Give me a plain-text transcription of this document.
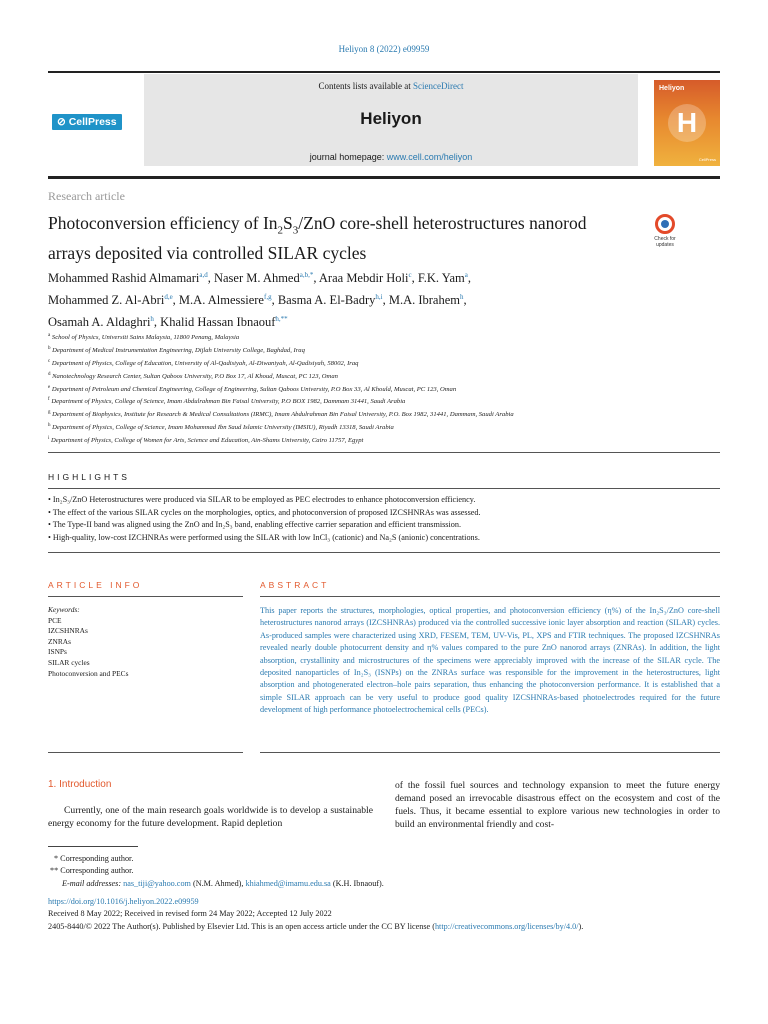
Heliyon 8 (2022) e09959
⊘ CellPress
Contents lists available at ScienceDirect
Heliyon
journal homepage: www.cell.com/heliyon
Heliyon
H
CellPress
Research article
Photoconversion efficiency of $In_2S_3$/ZnO core-shell heterostructures nanorod arrays deposited via controlled SILAR cycles
Check for updates
Mohammed Rashid Almamari$^{a,d}$, Naser M. Ahmed$^{a,b,*}$, Araa Mebdir Holi$^c$, F.K. Yam$^a$,
Mohammed Z. Al-Abri$^{d,e}$, M.A. Almessiere$^{f,g}$, Basma A. El-Badry$^{h,i}$, M.A. Ibrahem$^h$,
Osamah A. Aldaghri$^h$, Khalid Hassan Ibnaouf$^{h,**}$
$^a$ School of Physics, Universiti Sains Malaysia, 11800 Penang, Malaysia
$^b$ Department of Medical Instrumentation Engineering, Dijlah University College, Baghdad, Iraq
$^c$ Department of Physics, College of Education, University of Al-Qadisiyah, Al-Diwaniyah, Al-Qadisiyah, 58002, Iraq
$^d$ Nanotechnology Research Center, Sultan Qaboos University, P.O Box 17, Al Khoud, Muscat, PC 123, Oman
$^e$ Department of Petroleum and Chemical Engineering, College of Engineering, Sultan Qaboos University, P.O Box 33, Al Khould, Muscat, PC 123, Oman
$^f$ Department of Physics, College of Science, Imam Abdulrahman Bin Faisal University, P.O BOX 1982, Dammam 31441, Saudi Arabia
$^g$ Department of Biophysics, Institute for Research & Medical Consultations (IRMC), Imam Abdulrahman Bin Faisal University, P.O. Box 1982, 31441, Dammam, Saudi Arabia
$^h$ Department of Physics, College of Science, Imam Mohammad Ibn Saud Islamic University (IMSIU), Riyadh 13318, Saudi Arabia
$^i$ Department of Physics, College of Women for Arts, Science and Education, Ain-Shams University, Cairo 11757, Egypt
HIGHLIGHTS
• In₂S₃/ZnO Heterostructures were produced via SILAR to be employed as PEC electrodes to enhance photoconversion efficiency.
• The effect of the various SILAR cycles on the morphologies, optics, and photoconversion of proposed IZCSHNRAs was assessed.
• The Type-II band was aligned using the ZnO and In₂S₃ band, enabling effective carrier separation and efficient transmission.
• High-quality, low-cost IZCHNRAs were performed using the SILAR with low InCl₃ (cationic) and Na₂S (anionic) concentrations.
ARTICLE INFO	ABSTRACT
Keywords:
PCE
IZCSHNRAs
ZNRAs
ISNPs
SILAR cycles
Photoconversion and PECs
This paper reports the structures, morphologies, optical properties, and photoconversion efficiency (η%) of the In₂S₃/ZnO core-shell heterostructures nanorod arrays (IZCSHNRAs) produced via the controlled successive ionic layer absorption and reaction (SILAR) cycles. As-produced samples were characterized using XRD, FESEM, TEM, UV-Vis, PL, XPS and FTIR techniques. The proposed IZCSHNRAs revealed nearly double photocurrent density and η% values compared to the pure ZnO nanorod arrays (ZNRAs). In addition, the light absorption, crystallinity and microstructures of the specimens were appreciably improved with the increase of the SILAR cycle. The deposited nanoparticles of In₂S₃ (ISNPs) on the ZNRAs surface was responsible for the improvement in the heterostructures, light absorption and photogenerated electron–hole pairs separation, thus enhancing the photoconversion performance. It is established that a simple SILAR approach can be very useful to produce good quality IZCSHNRAs-based photoelectrodes required for the future development of high performance photoelectrochemical cells (PECs).
1. Introduction
Currently, one of the main research goals worldwide is to develop a sustainable energy economy for the future development. Rapid depletion
of the fossil fuel sources and technology expansion to meet the future energy demand posed an irrevocable disastrous effect on the ecosystem and cost of the fuels. Thus, it became essential to explore various new technologies in order to build an environmental friendly and cost-
* Corresponding author.
** Corresponding author.
E-mail addresses: nas_tiji@yahoo.com (N.M. Ahmed), khiahmed@imamu.edu.sa (K.H. Ibnaouf).
https://doi.org/10.1016/j.heliyon.2022.e09959
Received 8 May 2022; Received in revised form 24 May 2022; Accepted 12 July 2022
2405-8440/© 2022 The Author(s). Published by Elsevier Ltd. This is an open access article under the CC BY license (http://creativecommons.org/licenses/by/4.0/).
